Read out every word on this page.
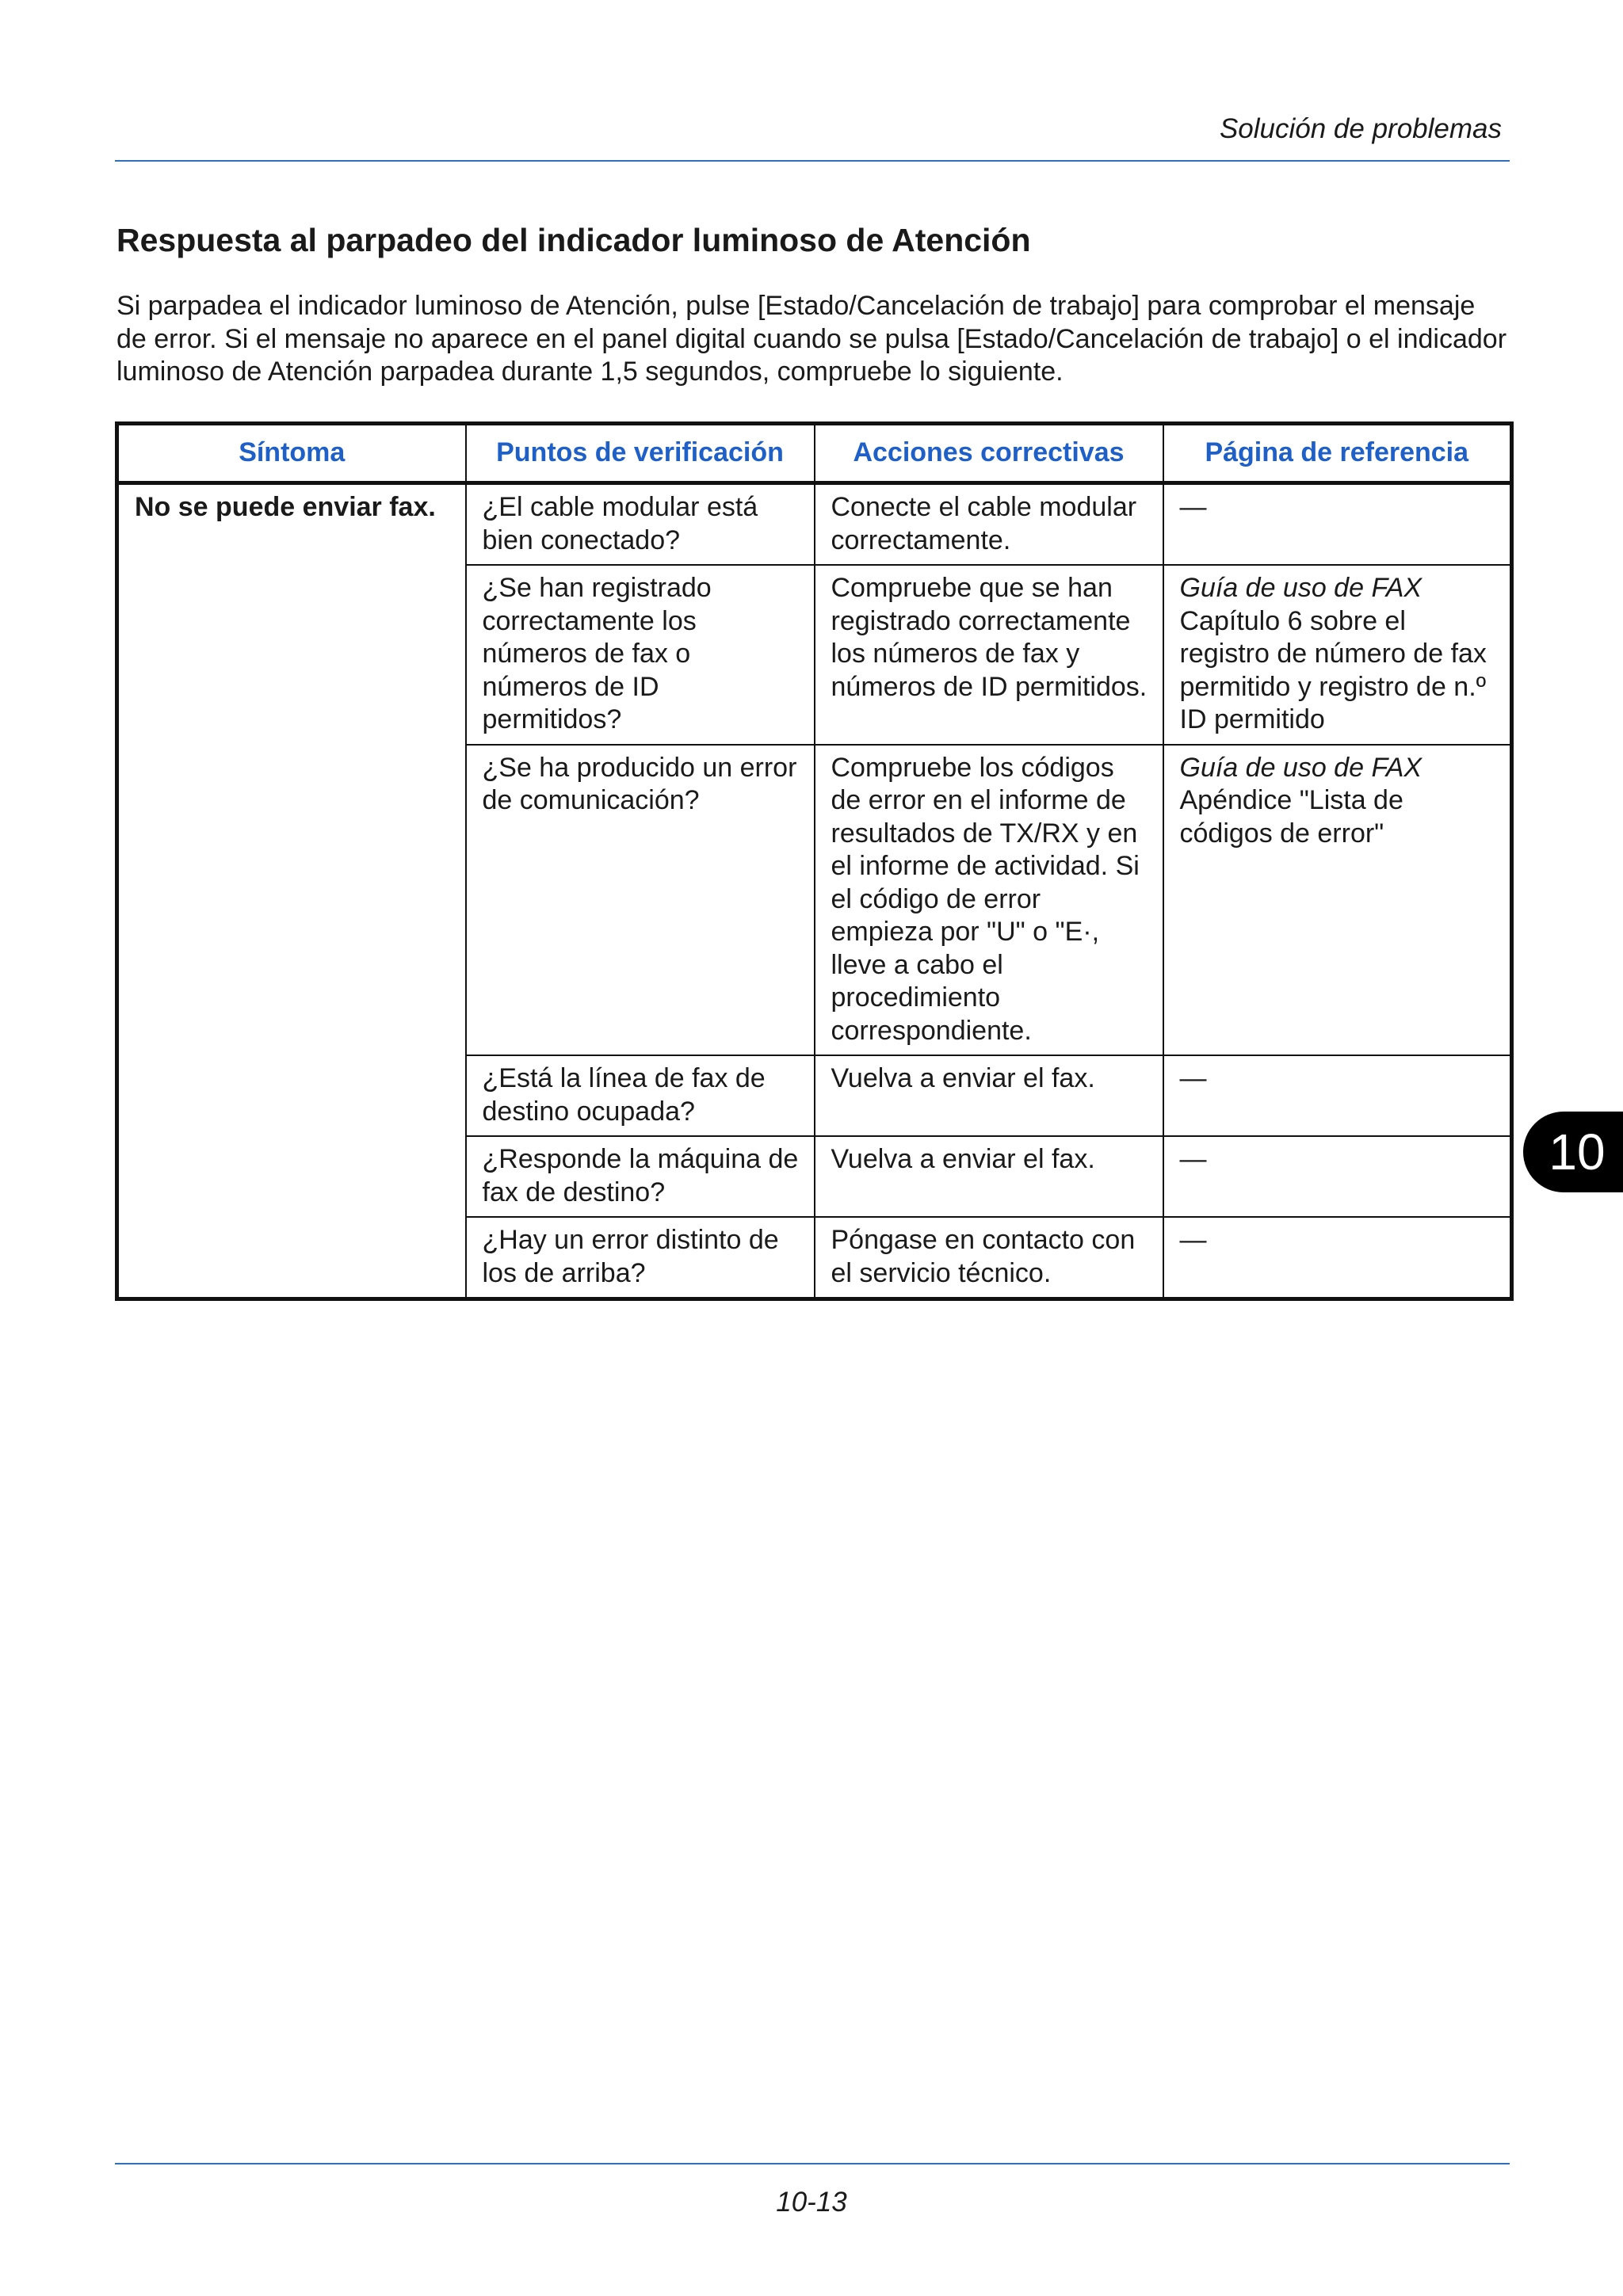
Solución de problemas
Respuesta al parpadeo del indicador luminoso de Atención

Si parpadea el indicador luminoso de Atención, pulse [Estado/Cancelación de trabajo] para comprobar el mensaje de error. Si el mensaje no aparece en el panel digital cuando se pulsa [Estado/Cancelación de trabajo] o el indicador luminoso de Atención parpadea durante 1,5 segundos, compruebe lo siguiente.

Síntoma	Puntos de verificación	Acciones correctivas	Página de referencia
No se puede enviar fax.	¿El cable modular está bien conectado?	Conecte el cable modular correctamente.	—

	¿Se han registrado correctamente los números de fax o números de ID permitidos?	Compruebe que se han registrado correctamente los números de fax y números de ID permitidos.	Guía de uso de FAX
Capítulo 6 sobre el registro de número de fax permitido y registro de n.º ID permitido

	¿Se ha producido un error de comunicación?	Compruebe los códigos de error en el informe de resultados de TX/RX y en el informe de actividad. Si el código de error empieza por "U" o "E·, lleve a cabo el procedimiento correspondiente.	Guía de uso de FAX
Apéndice "Lista de códigos de error"

	¿Está la línea de fax de destino ocupada?	Vuelva a enviar el fax.	—

	¿Responde la máquina de fax de destino?	Vuelva a enviar el fax.	—

	¿Hay un error distinto de los de arriba?	Póngase en contacto con el servicio técnico.	—
10
10-13
